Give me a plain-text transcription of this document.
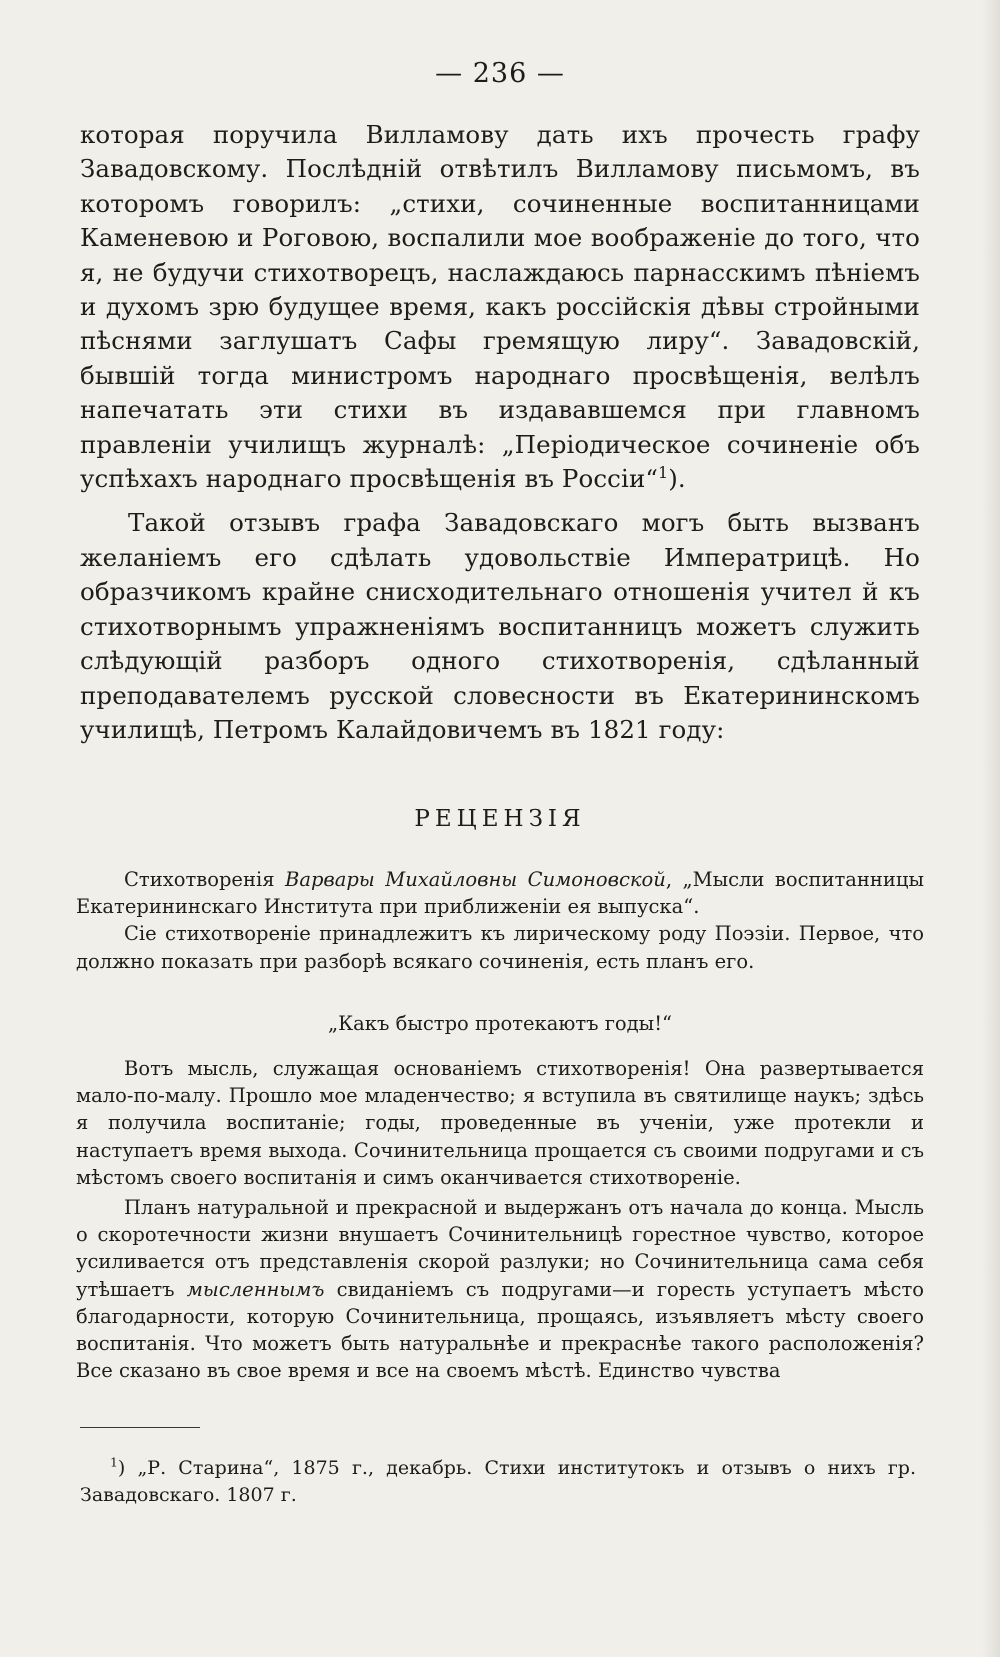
— 236 —

которая поручила Вилламову дать ихъ прочесть графу Завадовскому. Послѣдній отвѣтилъ Вилламову письмомъ, въ которомъ говорилъ: „стихи, сочиненные воспитанницами Каменевою и Роговою, воспалили мое воображеніе до того, что я, не будучи стихотворецъ, наслаждаюсь парнасскимъ пѣніемъ и духомъ зрю будущее время, какъ россійскія дѣвы стройными пѣснями заглушатъ Сафы гремящую лиру“. Завадовскій, бывшій тогда министромъ народнаго просвѣщенія, велѣлъ напечатать эти стихи въ издававшемся при главномъ правленіи училищъ журналѣ: „Періодическое сочиненіе объ успѣхахъ народнаго просвѣщенія въ Россіи“$^1$).

Такой отзывъ графа Завадовскаго могъ быть вызванъ желаніемъ его сдѣлать удовольствіе Императрицѣ. Но образчикомъ крайне снисходительнаго отношенія учител й къ стихотворнымъ упражненіямъ воспитанницъ можетъ служить слѣдующій разборъ одного стихотворенія, сдѣланный преподавателемъ русской словесности въ Екатерининскомъ училищѣ, Петромъ Калайдовичемъ въ 1821 году:

РЕЦЕНЗІЯ

Стихотворенія Варвары Михайловны Симоновской, „Мысли воспитанницы Екатерининскаго Института при приближеніи ея выпуска“.

Сіе стихотвореніе принадлежитъ къ лирическому роду Поэзіи. Первое, что должно показать при разборѣ всякаго сочиненія, есть планъ его.

„Какъ быстро протекаютъ годы!“

Вотъ мысль, служащая основаніемъ стихотворенія! Она развертывается мало-по-малу. Прошло мое младенчество; я вступила въ святилище наукъ; здѣсь я получила воспитаніе; годы, проведенные въ ученіи, уже протекли и наступаетъ время выхода. Сочинительница прощается съ своими подругами и съ мѣстомъ своего воспитанія и симъ оканчивается стихотвореніе.

Планъ натуральной и прекрасной и выдержанъ отъ начала до конца. Мысль о скоротечности жизни внушаетъ Сочинительницѣ горестное чувство, которое усиливается отъ представленія скорой разлуки; но Сочинительница сама себя утѣшаетъ мысленнымъ свиданіемъ съ подругами—и горесть уступаетъ мѣсто благодарности, которую Сочинительница, прощаясь, изъявляетъ мѣсту своего воспитанія. Что можетъ быть натуральнѣе и прекраснѣе такого расположенія? Все сказано въ свое время и все на своемъ мѣстѣ. Единство чувства

$^1$) „Р. Старина“, 1875 г., декабрь. Стихи институтокъ и отзывъ о нихъ гр. Завадовскаго. 1807 г.
